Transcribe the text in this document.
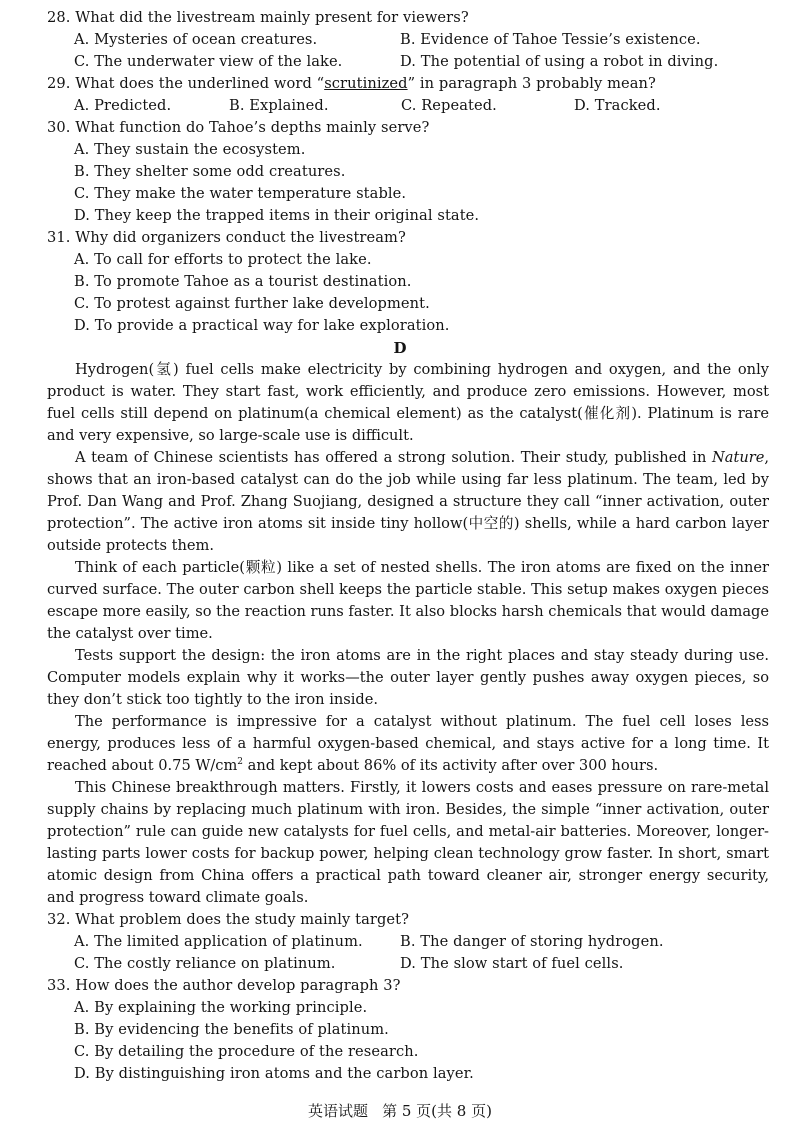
28. What did the livestream mainly present for viewers?
A. Mysteries of ocean creatures.	B. Evidence of Tahoe Tessie’s existence.
C. The underwater view of the lake.	D. The potential of using a robot in diving.
29. What does the underlined word “scrutinized” in paragraph 3 probably mean?
A. Predicted.	B. Explained.	C. Repeated.	D. Tracked.
30. What function do Tahoe’s depths mainly serve?
A. They sustain the ecosystem.
B. They shelter some odd creatures.
C. They make the water temperature stable.
D. They keep the trapped items in their original state.
31. Why did organizers conduct the livestream?
A. To call for efforts to protect the lake.
B. To promote Tahoe as a tourist destination.
C. To protest against further lake development.
D. To provide a practical way for lake exploration.
D
Hydrogen(氢) fuel cells make electricity by combining hydrogen and oxygen, and the only product is water. They start fast, work efficiently, and produce zero emissions. However, most fuel cells still depend on platinum(a chemical element) as the catalyst(催化剂). Platinum is rare and very expensive, so large-scale use is difficult.
A team of Chinese scientists has offered a strong solution. Their study, published in Nature, shows that an iron-based catalyst can do the job while using far less platinum. The team, led by Prof. Dan Wang and Prof. Zhang Suojiang, designed a structure they call “inner activation, outer protection”. The active iron atoms sit inside tiny hollow(中空的) shells, while a hard carbon layer outside protects them.
Think of each particle(颗粒) like a set of nested shells. The iron atoms are fixed on the inner curved surface. The outer carbon shell keeps the particle stable. This setup makes oxygen pieces escape more easily, so the reaction runs faster. It also blocks harsh chemicals that would damage the catalyst over time.
Tests support the design: the iron atoms are in the right places and stay steady during use. Computer models explain why it works—the outer layer gently pushes away oxygen pieces, so they don’t stick too tightly to the iron inside.
The performance is impressive for a catalyst without platinum. The fuel cell loses less energy, produces less of a harmful oxygen-based chemical, and stays active for a long time. It reached about 0.75 $W/cm^2$ and kept about 86% of its activity after over 300 hours.
This Chinese breakthrough matters. Firstly, it lowers costs and eases pressure on rare-metal supply chains by replacing much platinum with iron. Besides, the simple “inner activation, outer protection” rule can guide new catalysts for fuel cells, and metal-air batteries. Moreover, longer-lasting parts lower costs for backup power, helping clean technology grow faster. In short, smart atomic design from China offers a practical path toward cleaner air, stronger energy security, and progress toward climate goals.
32. What problem does the study mainly target?
A. The limited application of platinum.	B. The danger of storing hydrogen.
C. The costly reliance on platinum.	D. The slow start of fuel cells.
33. How does the author develop paragraph 3?
A. By explaining the working principle.
B. By evidencing the benefits of platinum.
C. By detailing the procedure of the research.
D. By distinguishing iron atoms and the carbon layer.
英语试题 第 5 页(共 8 页)
